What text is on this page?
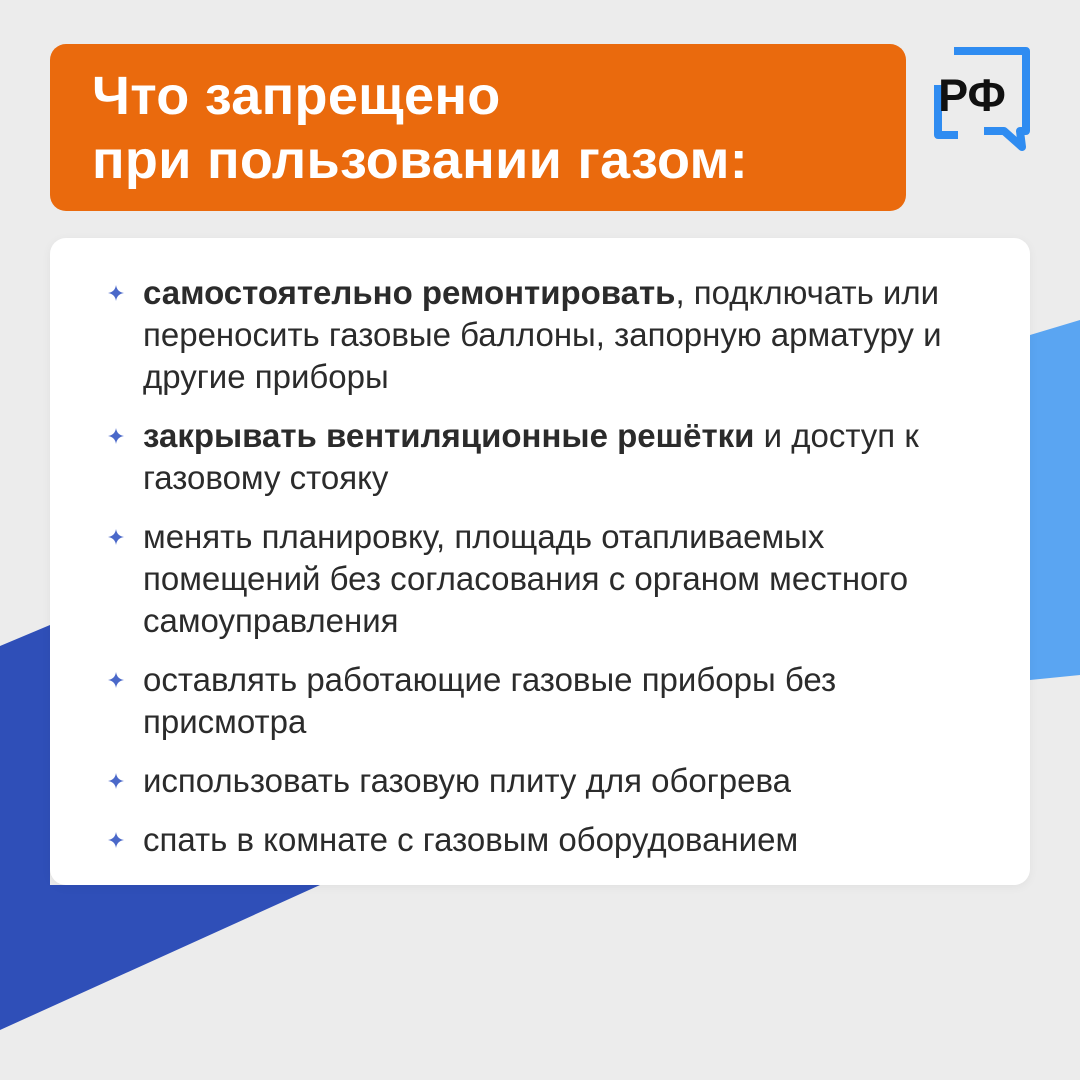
Что запрещено
при пользовании газом:
РФ
самостоятельно ремонтировать, подключать или переносить газовые баллоны, запорную арматуру и другие приборы
закрывать вентиляционные решётки и доступ к газовому стояку
менять планировку, площадь отапливаемых помещений без согласования с органом местного самоуправления
оставлять работающие газовые приборы без присмотра
использовать газовую плиту для обогрева
спать в комнате с газовым оборудованием
